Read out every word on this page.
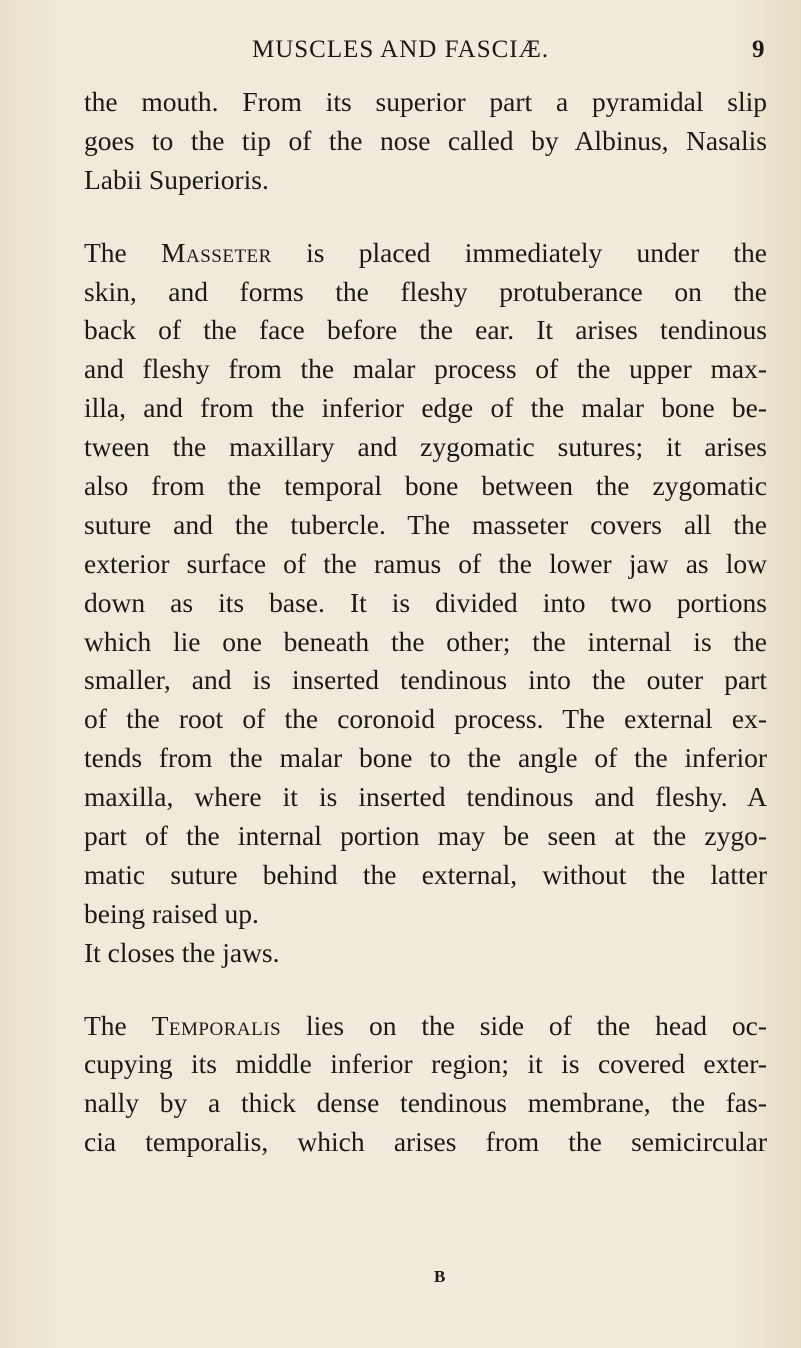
MUSCLES AND FASCIÆ.	9
the mouth. From its superior part a pyramidal slip
goes to the tip of the nose called by Albinus, Nasalis
Labii Superioris.
The Masseter is placed immediately under the
skin, and forms the fleshy protuberance on the
back of the face before the ear. It arises tendinous
and fleshy from the malar process of the upper max-
illa, and from the inferior edge of the malar bone be-
tween the maxillary and zygomatic sutures; it arises
also from the temporal bone between the zygomatic
suture and the tubercle. The masseter covers all the
exterior surface of the ramus of the lower jaw as low
down as its base. It is divided into two portions
which lie one beneath the other; the internal is the
smaller, and is inserted tendinous into the outer part
of the root of the coronoid process. The external ex-
tends from the malar bone to the angle of the inferior
maxilla, where it is inserted tendinous and fleshy. A
part of the internal portion may be seen at the zygo-
matic suture behind the external, without the latter
being raised up.
It closes the jaws.
The Temporalis lies on the side of the head oc-
cupying its middle inferior region; it is covered exter-
nally by a thick dense tendinous membrane, the fas-
cia temporalis, which arises from the semicircular
B
